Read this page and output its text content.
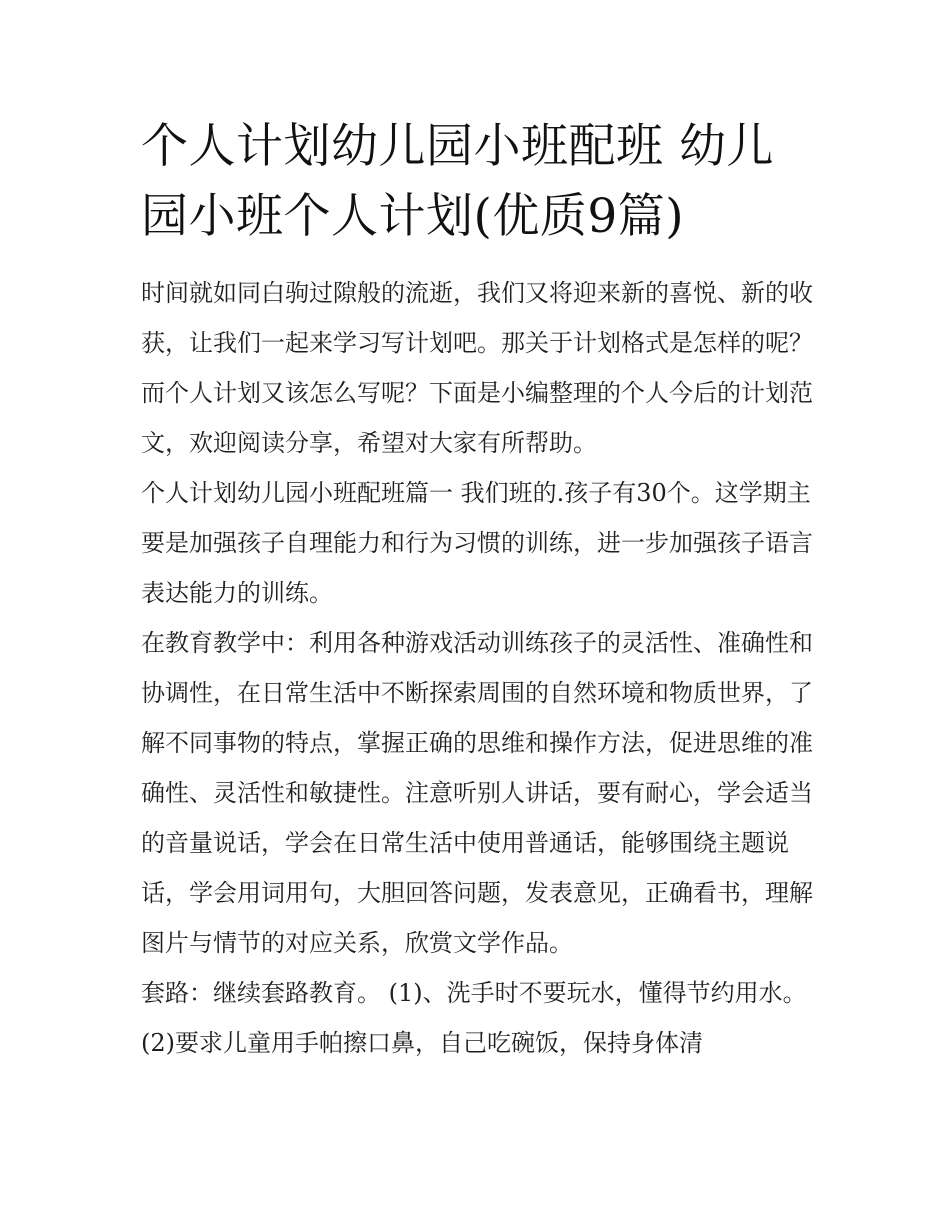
个人计划幼儿园小班配班 幼儿园小班个人计划(优质9篇)

时间就如同白驹过隙般的流逝，我们又将迎来新的喜悦、新的收获，让我们一起来学习写计划吧。那关于计划格式是怎样的呢？而个人计划又该怎么写呢？下面是小编整理的个人今后的计划范文，欢迎阅读分享，希望对大家有所帮助。

个人计划幼儿园小班配班篇一 我们班的.孩子有30个。这学期主要是加强孩子自理能力和行为习惯的训练，进一步加强孩子语言表达能力的训练。

在教育教学中：利用各种游戏活动训练孩子的灵活性、准确性和协调性，在日常生活中不断探索周围的自然环境和物质世界，了解不同事物的特点，掌握正确的思维和操作方法，促进思维的准确性、灵活性和敏捷性。注意听别人讲话，要有耐心，学会适当的音量说话，学会在日常生活中使用普通话，能够围绕主题说话，学会用词用句，大胆回答问题，发表意见，正确看书，理解图片与情节的对应关系，欣赏文学作品。

套路：继续套路教育。 (1)、洗手时不要玩水，懂得节约用水。 (2)要求儿童用手帕擦口鼻，自己吃碗饭，保持身体清
